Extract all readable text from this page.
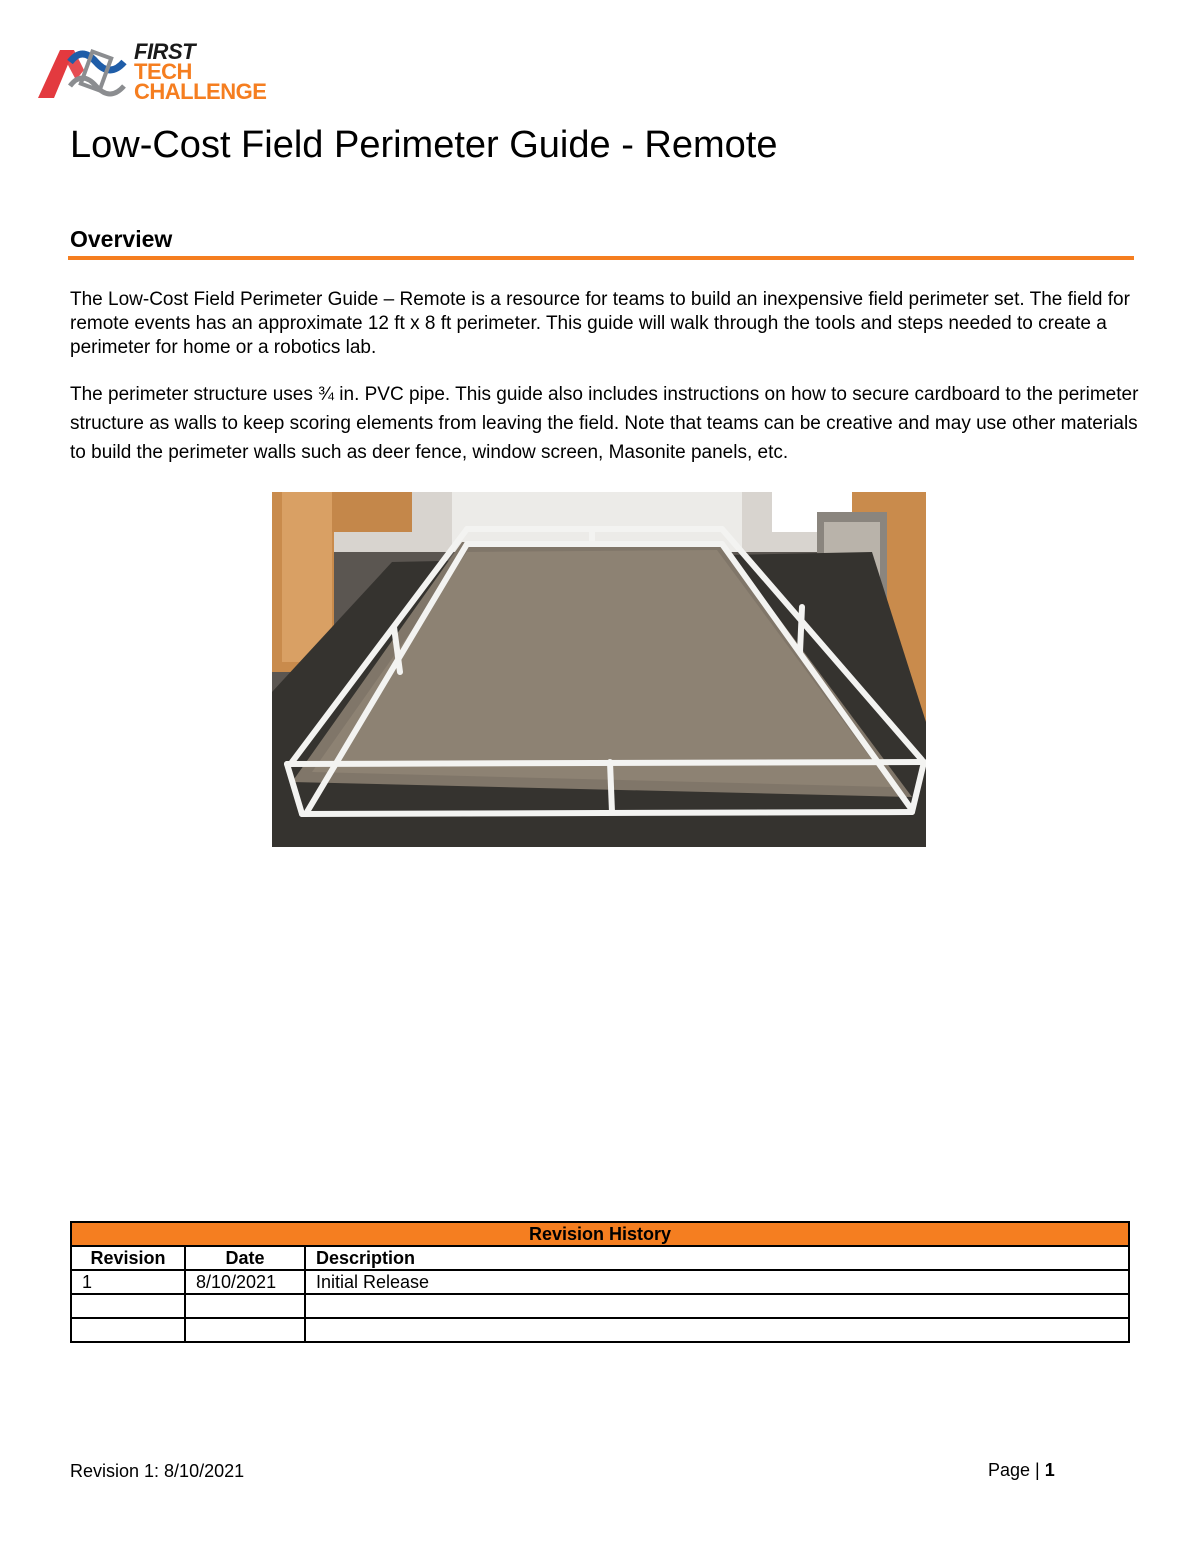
FIRST
TECH
CHALLENGE
Low-Cost Field Perimeter Guide - Remote
Overview

The Low-Cost Field Perimeter Guide – Remote is a resource for teams to build an inexpensive field perimeter set. The field for remote events has an approximate 12 ft x 8 ft perimeter. This guide will walk through the tools and steps needed to create a perimeter for home or a robotics lab.

The perimeter structure uses ¾ in. PVC pipe. This guide also includes instructions on how to secure cardboard to the perimeter structure as walls to keep scoring elements from leaving the field. Note that teams can be creative and may use other materials to build the perimeter walls such as deer fence, window screen, Masonite panels, etc.

Revision History		
Revision	Date	Description
1	8/10/2021	Initial Release

Revision 1: 8/10/2021	Page | 1
